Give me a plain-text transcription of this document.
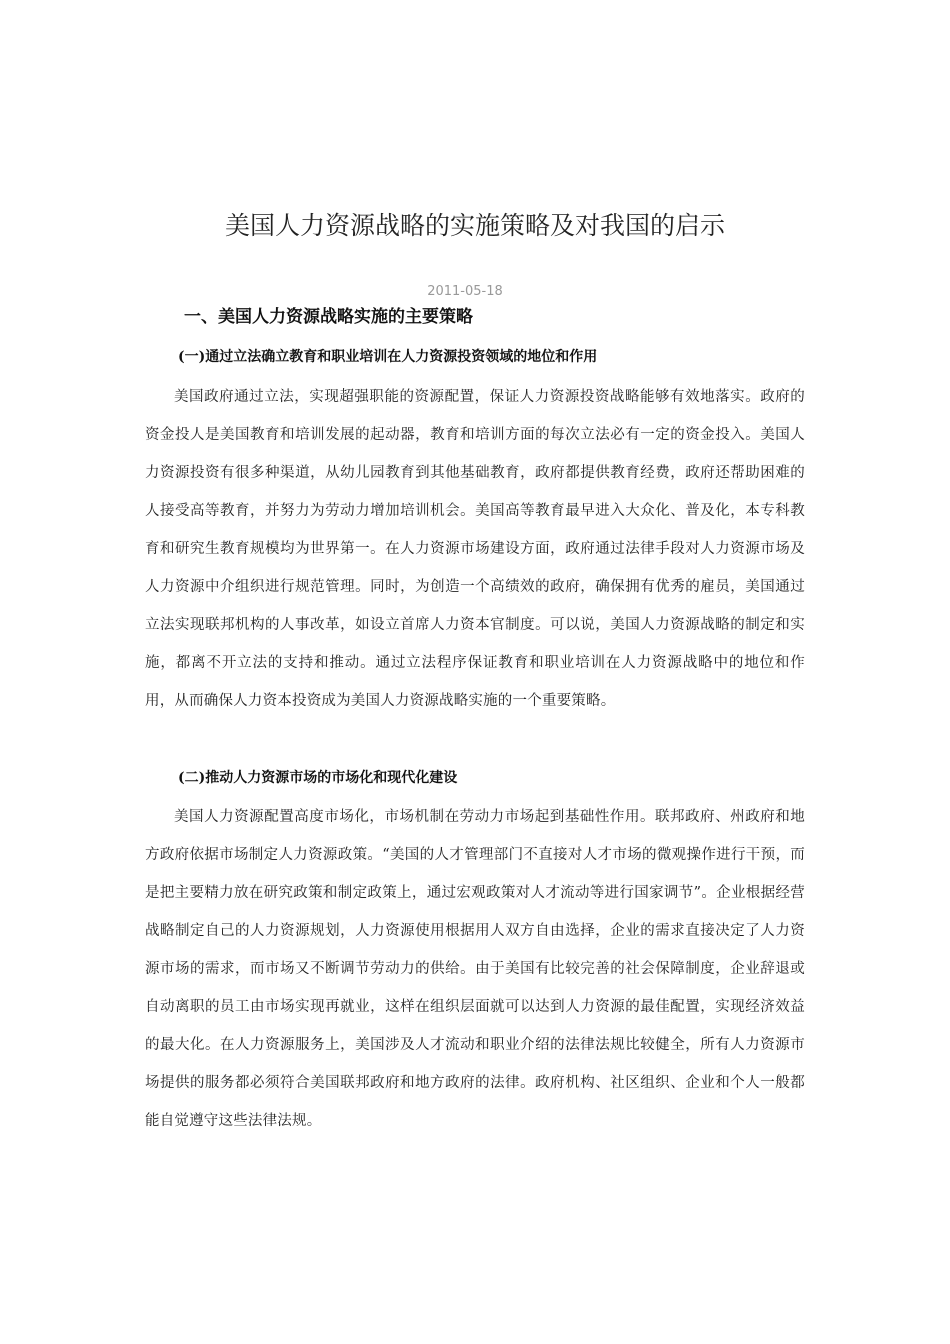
美国人力资源战略的实施策略及对我国的启示
2011-05-18
一、美国人力资源战略实施的主要策略
(一)通过立法确立教育和职业培训在人力资源投资领域的地位和作用

美国政府通过立法，实现超强职能的资源配置，保证人力资源投资战略能够有效地落实。政府的资金投人是美国教育和培训发展的起动器，教育和培训方面的每次立法必有一定的资金投入。美国人力资源投资有很多种渠道，从幼儿园教育到其他基础教育，政府都提供教育经费，政府还帮助困难的人接受高等教育，并努力为劳动力增加培训机会。美国高等教育最早进入大众化、普及化，本专科教育和研究生教育规模均为世界第一。在人力资源市场建设方面，政府通过法律手段对人力资源市场及人力资源中介组织进行规范管理。同时，为创造一个高绩效的政府，确保拥有优秀的雇员，美国通过立法实现联邦机构的人事改革，如设立首席人力资本官制度。可以说，美国人力资源战略的制定和实施，都离不开立法的支持和推动。通过立法程序保证教育和职业培训在人力资源战略中的地位和作用，从而确保人力资本投资成为美国人力资源战略实施的一个重要策略。

(二)推动人力资源市场的市场化和现代化建设

美国人力资源配置高度市场化，市场机制在劳动力市场起到基础性作用。联邦政府、州政府和地方政府依据市场制定人力资源政策。“美国的人才管理部门不直接对人才市场的微观操作进行干预，而是把主要精力放在研究政策和制定政策上，通过宏观政策对人才流动等进行国家调节”。企业根据经营战略制定自己的人力资源规划，人力资源使用根据用人双方自由选择，企业的需求直接决定了人力资源市场的需求，而市场又不断调节劳动力的供给。由于美国有比较完善的社会保障制度，企业辞退或自动离职的员工由市场实现再就业，这样在组织层面就可以达到人力资源的最佳配置，实现经济效益的最大化。在人力资源服务上，美国涉及人才流动和职业介绍的法律法规比较健全，所有人力资源市场提供的服务都必须符合美国联邦政府和地方政府的法律。政府机构、社区组织、企业和个人一般都能自觉遵守这些法律法规。
